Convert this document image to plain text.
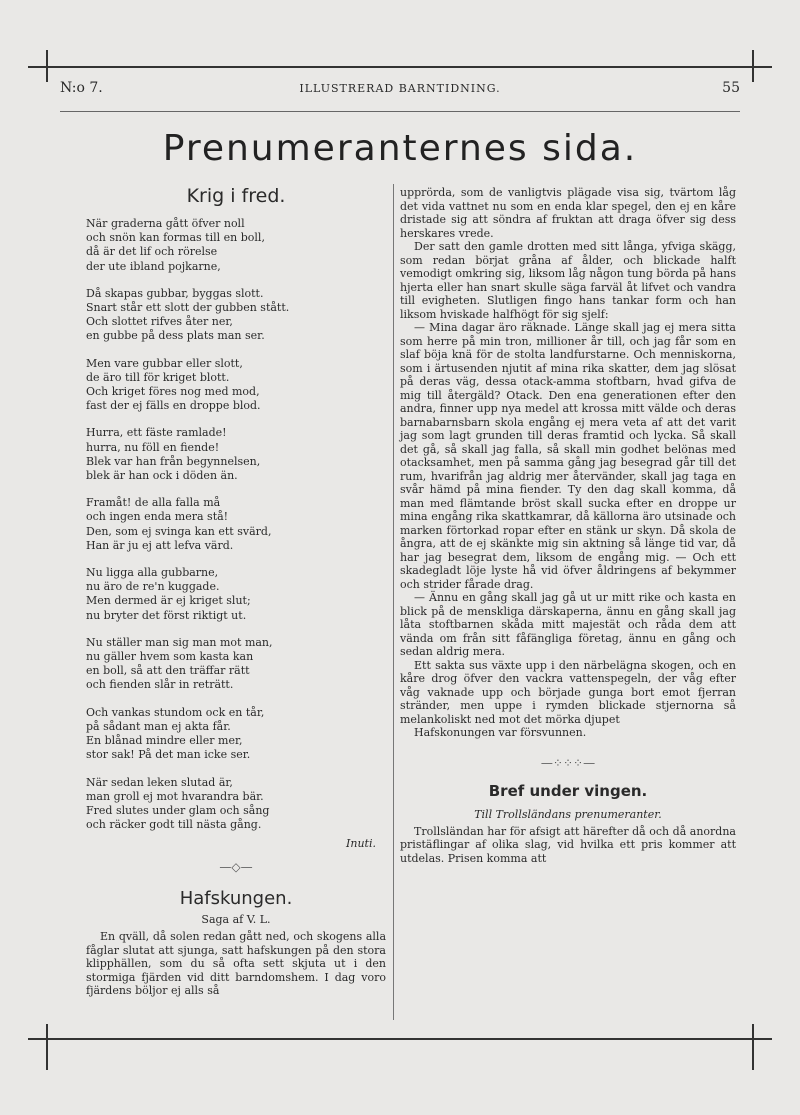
N:o 7.	ILLUSTRERAD BARNTIDNING.	55
Prenumeranternes sida.
Krig i fred.
När graderna gått öfver noll
och snön kan formas till en boll,
då är det lif och rörelse
der ute ibland pojkarne,
Då skapas gubbar, byggas slott.
Snart står ett slott der gubben stått.
Och slottet rifves åter ner,
en gubbe på dess plats man ser.
Men vare gubbar eller slott,
de äro till för kriget blott.
Och kriget föres nog med mod,
fast der ej fälls en droppe blod.
Hurra, ett fäste ramlade!
hurra, nu föll en fiende!
Blek var han från begynnelsen,
blek är han ock i döden än.
Framåt! de alla falla må
och ingen enda mera stå!
Den, som ej svinga kan ett svärd,
Han är ju ej att lefva värd.
Nu ligga alla gubbarne,
nu äro de re'n kuggade.
Men dermed är ej kriget slut;
nu bryter det först riktigt ut.
Nu ställer man sig man mot man,
nu gäller hvem som kasta kan
en boll, så att den träffar rätt
och fienden slår in reträtt.
Och vankas stundom ock en tår,
på sådant man ej akta får.
En blånad mindre eller mer,
stor sak! På det man icke ser.
När sedan leken slutad är,
man groll ej mot hvarandra bär.
Fred slutes under glam och sång
och räcker godt till nästa gång.
Inuti.
—◇—
Hafskungen.
Saga af V. L.

En qväll, då solen redan gått ned, och skogens alla fåglar slutat att sjunga, satt hafskungen på den stora klipphällen, som du så ofta sett skjuta ut i den stormiga fjärden vid ditt barndomshem. I dag voro fjärdens böljor ej alls så

upprörda, som de vanligtvis plägade visa sig, tvärtom låg det vida vattnet nu som en enda klar spegel, den ej en kåre dristade sig att söndra af fruktan att draga öfver sig dess herskares vrede.

Der satt den gamle drotten med sitt långa, yfviga skägg, som redan börjat gråna af ålder, och blickade halft vemodigt omkring sig, liksom låg någon tung börda på hans hjerta eller han snart skulle säga farväl åt lifvet och vandra till evigheten. Slutligen fingo hans tankar form och han liksom hviskade halfhögt för sig sjelf:

— Mina dagar äro räknade. Länge skall jag ej mera sitta som herre på min tron, millioner år till, och jag får som en slaf böja knä för de stolta landfurstarne. Och menniskorna, som i ärtusenden njutit af mina rika skatter, dem jag slösat på deras väg, dessa otack-amma stoftbarn, hvad gifva de mig till återgäld? Otack. Den ena generationen efter den andra, finner upp nya medel att krossa mitt välde och deras barnabarnsbarn skola engång ej mera veta af att det varit jag som lagt grunden till deras framtid och lycka. Så skall det gå, så skall jag falla, så skall min godhet belönas med otacksamhet, men på samma gång jag besegrad går till det rum, hvarifrån jag aldrig mer återvänder, skall jag taga en svår hämd på mina fiender. Ty den dag skall komma, då man med flämtande bröst skall sucka efter en droppe ur mina engång rika skattkamrar, då källorna äro utsinade och marken förtorkad ropar efter en stänk ur skyn. Då skola de ångra, att de ej skänkte mig sin aktning så länge tid var, då har jag besegrat dem, liksom de engång mig. — Och ett skadegladt löje lyste hå vid öfver åldringens af bekymmer och strider fårade drag.

— Ännu en gång skall jag gå ut ur mitt rike och kasta en blick på de menskliga därskaperna, ännu en gång skall jag låta stoftbarnen skåda mitt majestät och råda dem att vända om från sitt fåfängliga företag, ännu en gång och sedan aldrig mera.

Ett sakta sus växte upp i den närbelägna skogen, och en kåre drog öfver den vackra vattenspegeln, der våg efter våg vaknade upp och började gunga bort emot fjerran stränder, men uppe i rymden blickade stjernorna så melankoliskt ned mot det mörka djupet

Hafskonungen var försvunnen.

—⁘⁘⁘—
Bref under vingen.
Till Trollsländans prenumeranter.

Trollsländan har för afsigt att härefter då och då anordna pristäflingar af olika slag, vid hvilka ett pris kommer att utdelas. Prisen komma att
